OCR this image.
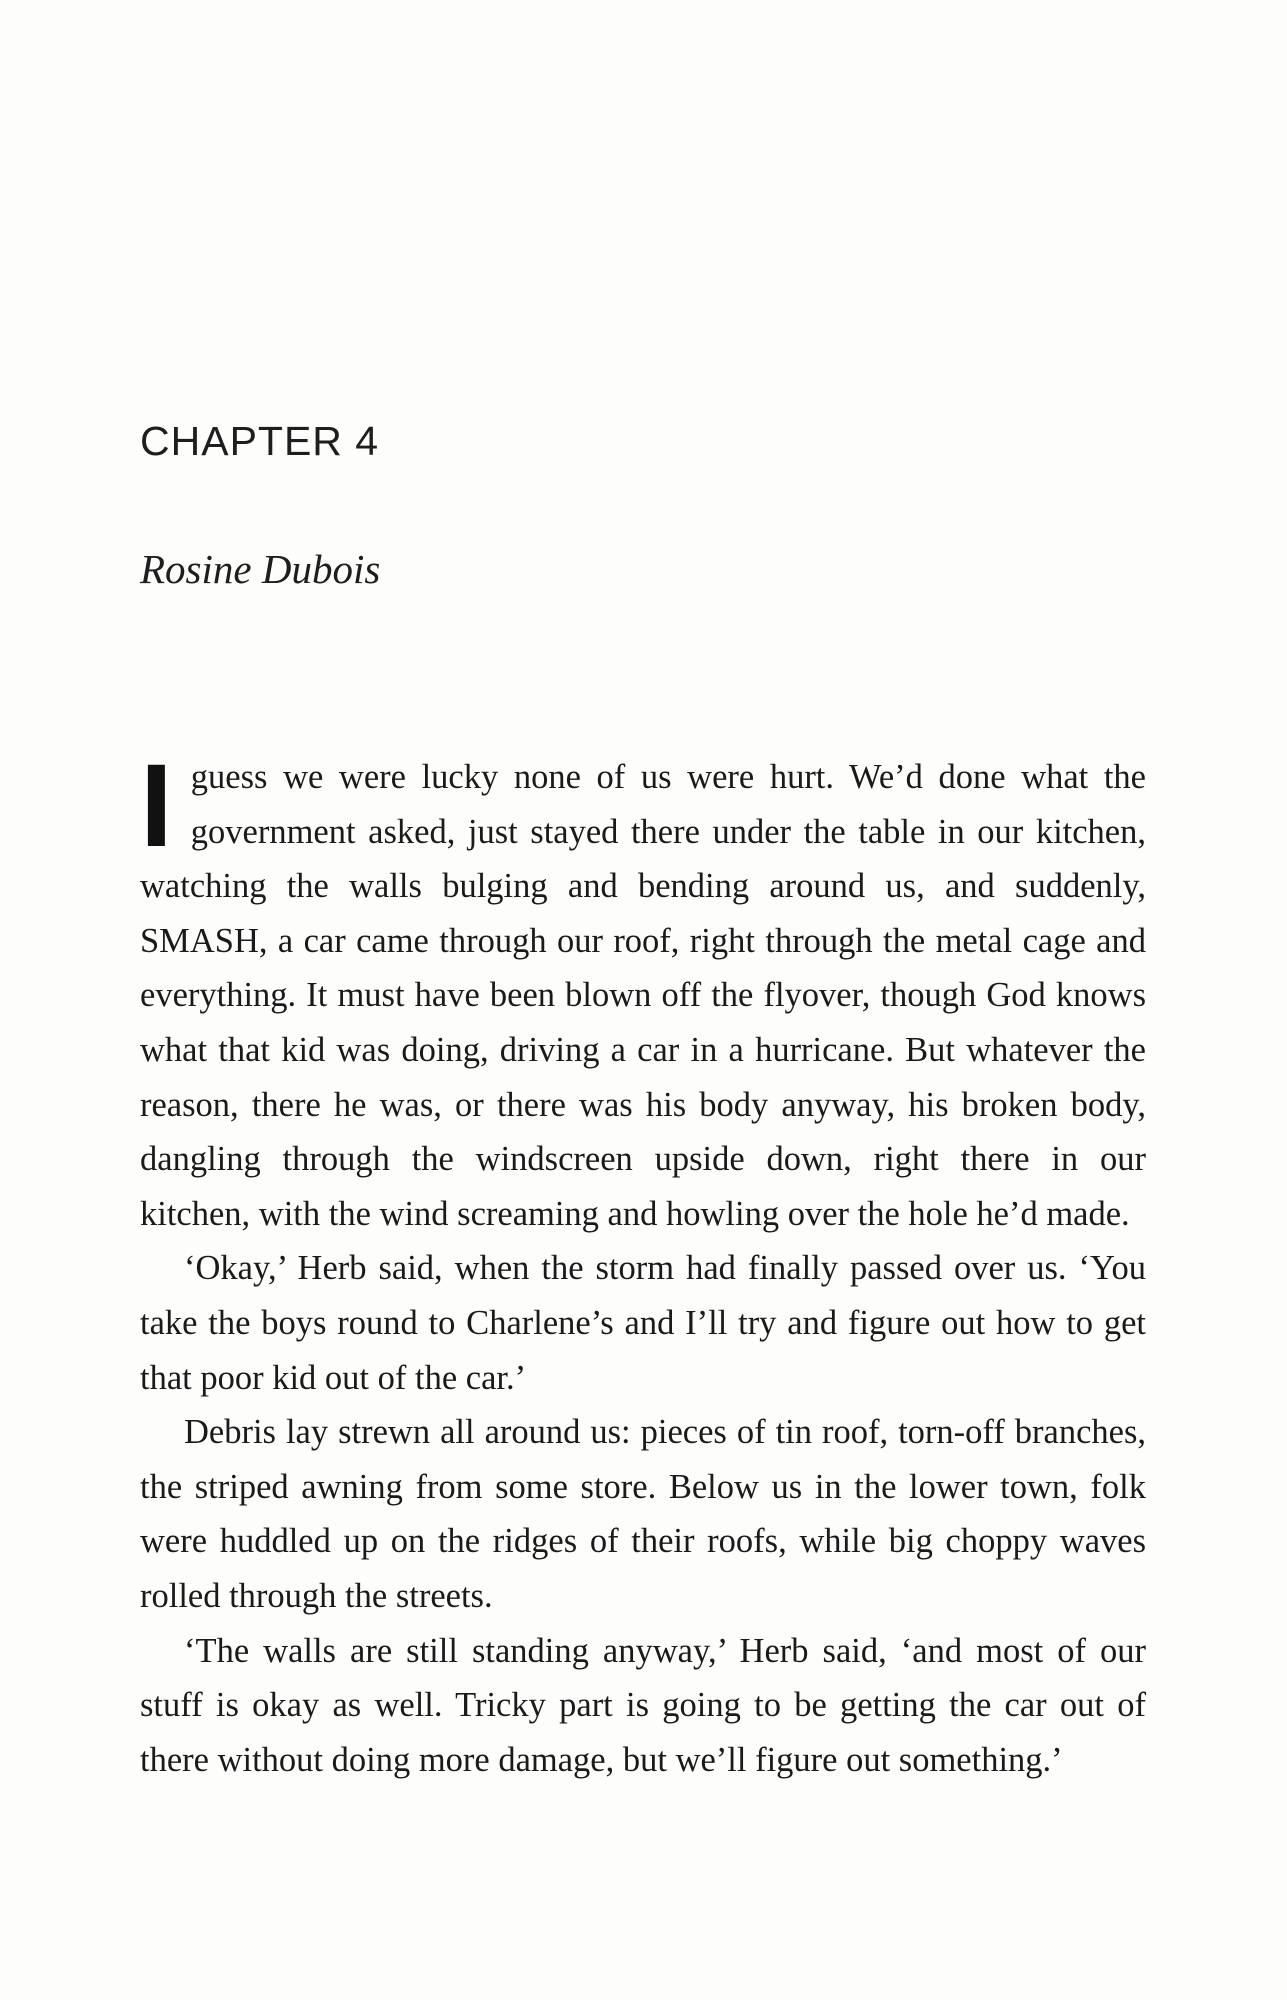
CHAPTER 4
Rosine Dubois

I guess we were lucky none of us were hurt. We’d done what the government asked, just stayed there under the table in our kitchen, watching the walls bulging and bending around us, and suddenly, SMASH, a car came through our roof, right through the metal cage and everything. It must have been blown off the flyover, though God knows what that kid was doing, driving a car in a hurricane. But whatever the reason, there he was, or there was his body anyway, his broken body, dangling through the windscreen upside down, right there in our kitchen, with the wind screaming and howling over the hole he’d made.

‘Okay,’ Herb said, when the storm had finally passed over us. ‘You take the boys round to Charlene’s and I’ll try and figure out how to get that poor kid out of the car.’

Debris lay strewn all around us: pieces of tin roof, torn-off branches, the striped awning from some store. Below us in the lower town, folk were huddled up on the ridges of their roofs, while big choppy waves rolled through the streets.

‘The walls are still standing anyway,’ Herb said, ‘and most of our stuff is okay as well. Tricky part is going to be getting the car out of there without doing more damage, but we’ll figure out something.’
